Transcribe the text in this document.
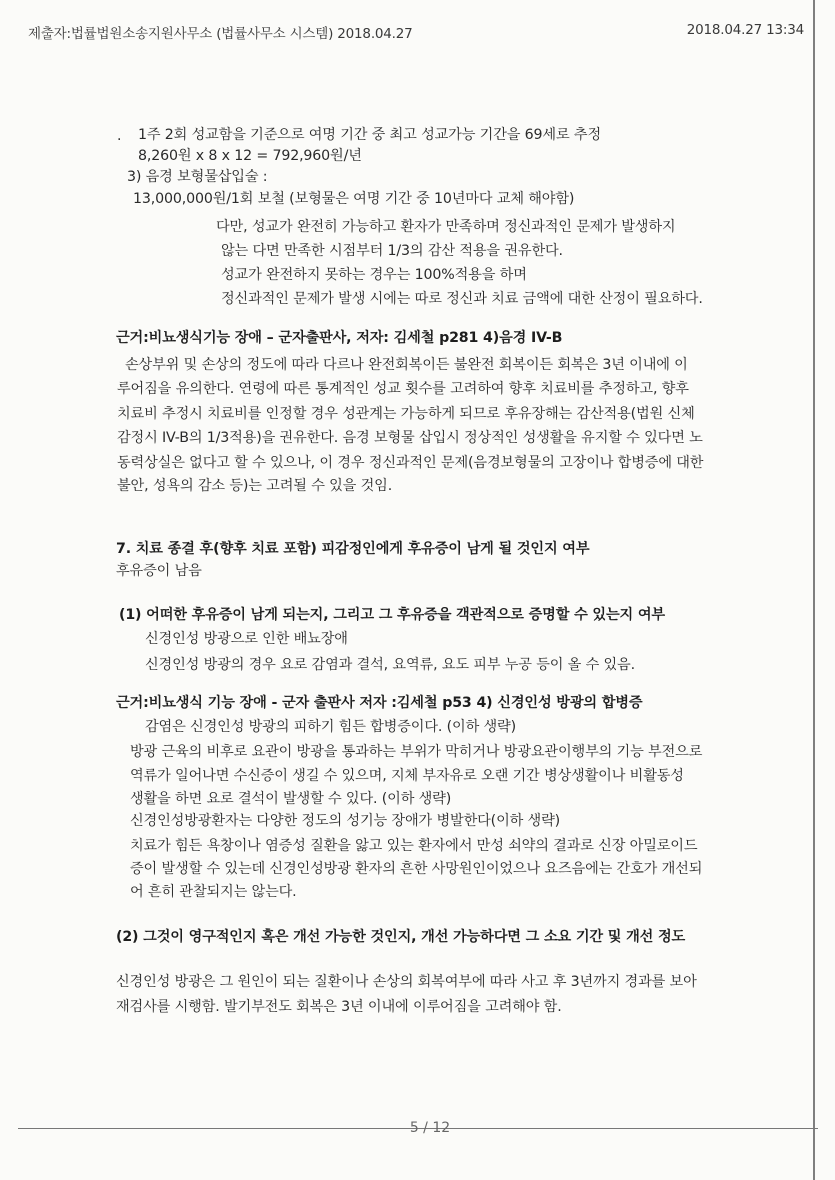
제출자:법률법원소송지원사무소 (법률사무소 시스템) 2018.04.27	2018.04.27 13:34
. 1주 2회 성교함을 기준으로 여명 기간 중 최고 성교가능 기간을 69세로 추정
8,260원 x 8 x 12 = 792,960원/년
3) 음경 보형물삽입술 :
13,000,000원/1회 보철 (보형물은 여명 기간 중 10년마다 교체 해야함)
다만, 성교가 완전히 가능하고 환자가 만족하며 정신과적인 문제가 발생하지
않는 다면 만족한 시점부터 1/3의 감산 적용을 권유한다.
성교가 완전하지 못하는 경우는 100%적용을 하며
정신과적인 문제가 발생 시에는 따로 정신과 치료 금액에 대한 산정이 필요하다.
근거:비뇨생식기능 장애 – 군자출판사, 저자: 김세철 p281 4)음경 IV-B
손상부위 및 손상의 정도에 따라 다르나 완전회복이든 불완전 회복이든 회복은 3년 이내에 이
루어짐을 유의한다. 연령에 따른 통계적인 성교 횟수를 고려하여 향후 치료비를 추정하고, 향후
치료비 추정시 치료비를 인정할 경우 성관계는 가능하게 되므로 후유장해는 감산적용(법원 신체
감정시 IV-B의 1/3적용)을 권유한다. 음경 보형물 삽입시 정상적인 성생활을 유지할 수 있다면 노
동력상실은 없다고 할 수 있으나, 이 경우 정신과적인 문제(음경보형물의 고장이나 합병증에 대한
불안, 성욕의 감소 등)는 고려될 수 있을 것임.
7. 치료 종결 후(향후 치료 포함) 피감정인에게 후유증이 남게 될 것인지 여부
후유증이 남음
(1) 어떠한 후유증이 남게 되는지, 그리고 그 후유증을 객관적으로 증명할 수 있는지 여부
신경인성 방광으로 인한 배뇨장애
신경인성 방광의 경우 요로 감염과 결석, 요역류, 요도 피부 누공 등이 올 수 있음.
근거:비뇨생식 기능 장애 - 군자 출판사 저자 :김세철 p53 4) 신경인성 방광의 합병증
감염은 신경인성 방광의 피하기 힘든 합병증이다. (이하 생략)
방광 근육의 비후로 요관이 방광을 통과하는 부위가 막히거나 방광요관이행부의 기능 부전으로
역류가 일어나면 수신증이 생길 수 있으며, 지체 부자유로 오랜 기간 병상생활이나 비활동성
생활을 하면 요로 결석이 발생할 수 있다. (이하 생략)
신경인성방광환자는 다양한 정도의 성기능 장애가 병발한다(이하 생략)
치료가 힘든 욕창이나 염증성 질환을 앓고 있는 환자에서 만성 쇠약의 결과로 신장 아밀로이드
증이 발생할 수 있는데 신경인성방광 환자의 흔한 사망원인이었으나 요즈음에는 간호가 개선되
어 흔히 관찰되지는 않는다.
(2) 그것이 영구적인지 혹은 개선 가능한 것인지, 개선 가능하다면 그 소요 기간 및 개선 정도
신경인성 방광은 그 원인이 되는 질환이나 손상의 회복여부에 따라 사고 후 3년까지 경과를 보아
재검사를 시행함. 발기부전도 회복은 3년 이내에 이루어짐을 고려해야 함.
5 / 12
